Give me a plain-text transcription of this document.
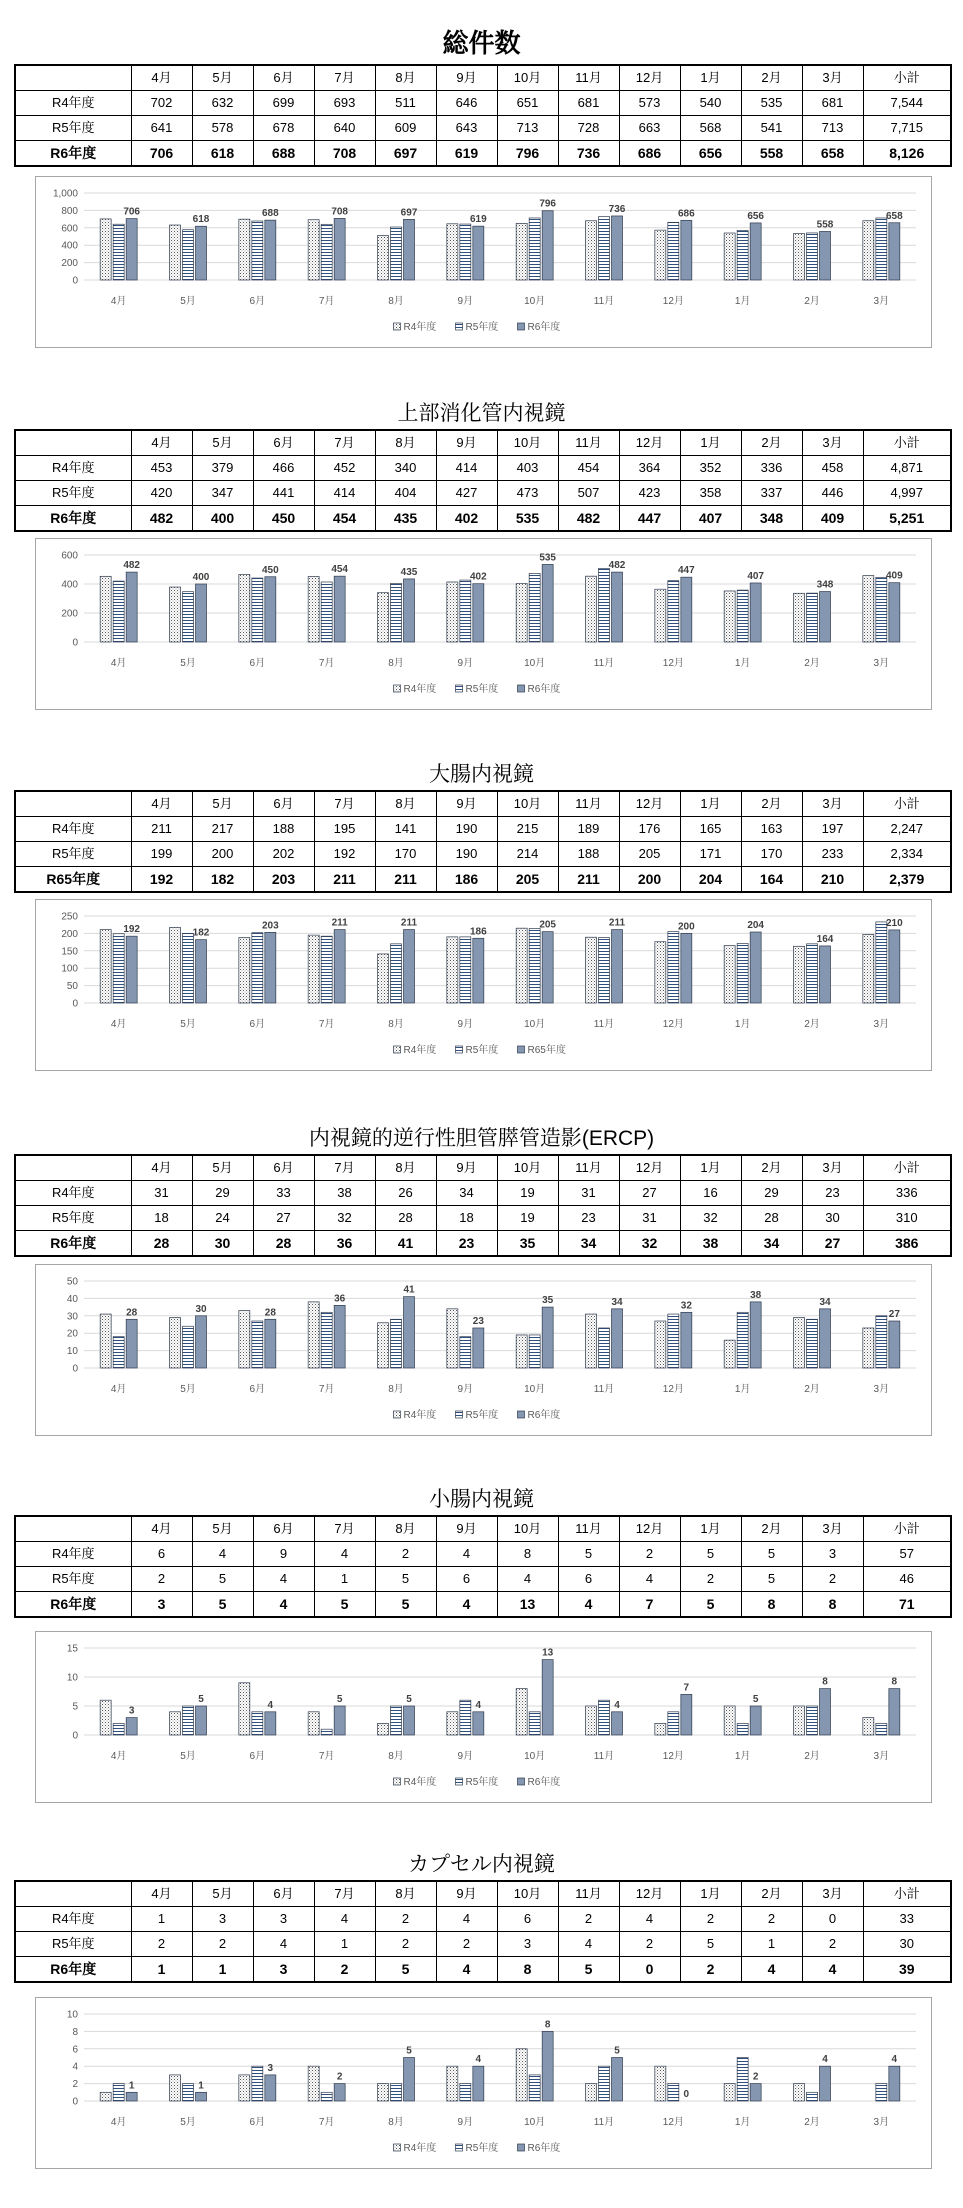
総件数
	4月	5月	6月	7月	8月	9月	10月	11月	12月	1月	2月	3月	小計
R4年度	702	632	699	693	511	646	651	681	573	540	535	681	7,544
R5年度	641	578	678	640	609	643	713	728	663	568	541	713	7,715
R6年度	706	618	688	708	697	619	796	736	686	656	558	658	8,126
0
200
400
600
800
1,000
706
4月
618
5月
688
6月
708
7月
697
8月
619
9月
796
10月
736
11月
686
12月
656
1月
558
2月
658
3月
R4年度	R5年度	R6年度
上部消化管内視鏡
	4月	5月	6月	7月	8月	9月	10月	11月	12月	1月	2月	3月	小計
R4年度	453	379	466	452	340	414	403	454	364	352	336	458	4,871
R5年度	420	347	441	414	404	427	473	507	423	358	337	446	4,997
R6年度	482	400	450	454	435	402	535	482	447	407	348	409	5,251
0
200
400
600
482
4月
400
5月
450
6月
454
7月
435
8月
402
9月
535
10月
482
11月
447
12月
407
1月
348
2月
409
3月
R4年度	R5年度	R6年度
大腸内視鏡
	4月	5月	6月	7月	8月	9月	10月	11月	12月	1月	2月	3月	小計
R4年度	211	217	188	195	141	190	215	189	176	165	163	197	2,247
R5年度	199	200	202	192	170	190	214	188	205	171	170	233	2,334
R65年度	192	182	203	211	211	186	205	211	200	204	164	210	2,379
0
50
100
150
200
250
192
4月
182
5月
203
6月
211
7月
211
8月
186
9月
205
10月
211
11月
200
12月
204
1月
164
2月
210
3月
R4年度	R5年度	R65年度
内視鏡的逆行性胆管膵管造影(ERCP)
	4月	5月	6月	7月	8月	9月	10月	11月	12月	1月	2月	3月	小計
R4年度	31	29	33	38	26	34	19	31	27	16	29	23	336
R5年度	18	24	27	32	28	18	19	23	31	32	28	30	310
R6年度	28	30	28	36	41	23	35	34	32	38	34	27	386
0
10
20
30
40
50
28
4月
30
5月
28
6月
36
7月
41
8月
23
9月
35
10月
34
11月
32
12月
38
1月
34
2月
27
3月
R4年度	R5年度	R6年度
小腸内視鏡
	4月	5月	6月	7月	8月	9月	10月	11月	12月	1月	2月	3月	小計
R4年度	6	4	9	4	2	4	8	5	2	5	5	3	57
R5年度	2	5	4	1	5	6	4	6	4	2	5	2	46
R6年度	3	5	4	5	5	4	13	4	7	5	8	8	71
0
5
10
15
3
4月
5
5月
4
6月
5
7月
5
8月
4
9月
13
10月
4
11月
7
12月
5
1月
8
2月
8
3月
R4年度	R5年度	R6年度
カプセル内視鏡
	4月	5月	6月	7月	8月	9月	10月	11月	12月	1月	2月	3月	小計
R4年度	1	3	3	4	2	4	6	2	4	2	2	0	33
R5年度	2	2	4	1	2	2	3	4	2	5	1	2	30
R6年度	1	1	3	2	5	4	8	5	0	2	4	4	39
0
2
4
6
8
10
1
4月
1
5月
3
6月
2
7月
5
8月
4
9月
8
10月
5
11月
0
12月
2
1月
4
2月
4
3月
R4年度	R5年度	R6年度
